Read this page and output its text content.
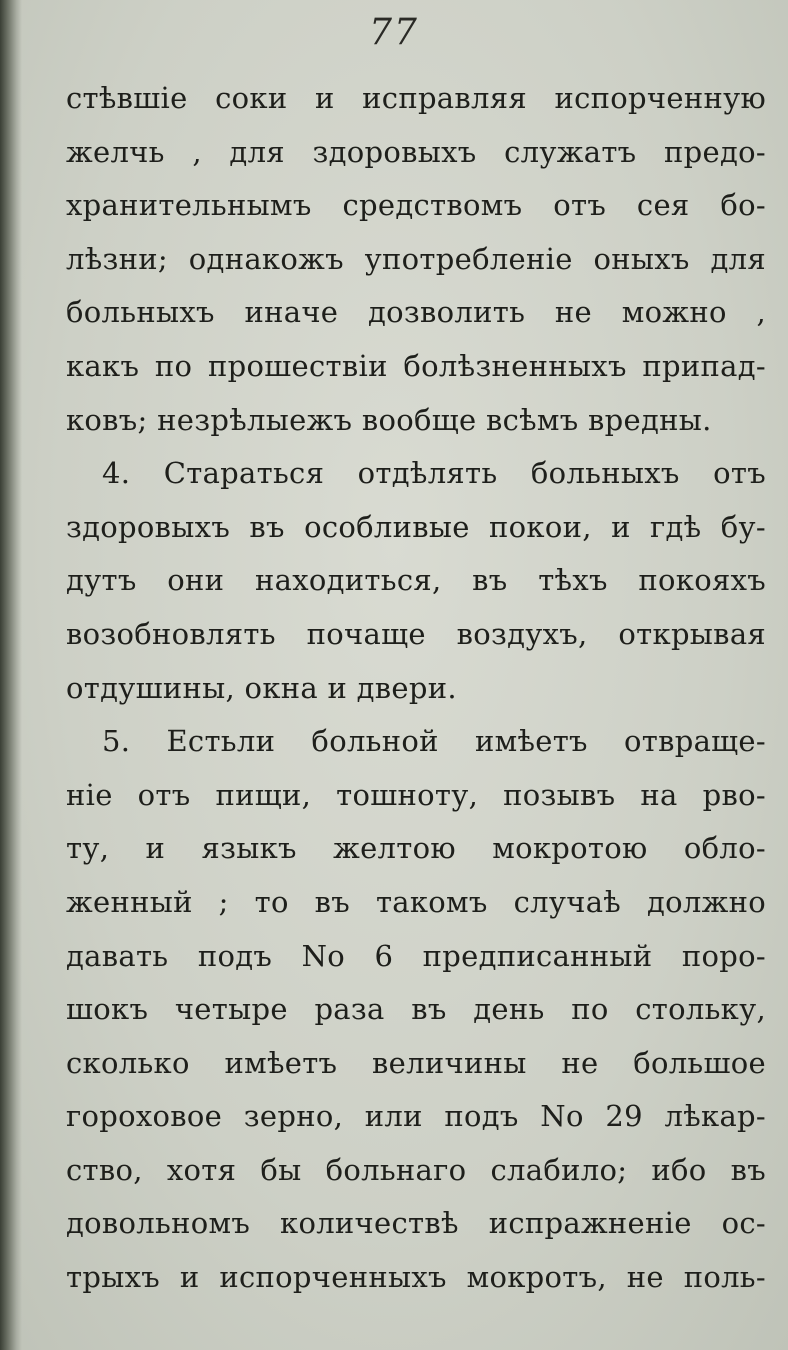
77
стѣвшіе соки и исправляя испорченную
желчь , для здоровыхъ служатъ предо-
хранительнымъ средствомъ отъ сея бо-
лѣзни; однакожъ употребленіе оныхъ для
больныхъ иначе дозволить не можно ,
какъ по прошествіи болѣзненныхъ припад-
ковъ; незрѣлыежъ вообще всѣмъ вредны.
4. Стараться отдѣлять больныхъ отъ
здоровыхъ въ особливые покои, и гдѣ бу-
дутъ они находиться, въ тѣхъ покояхъ
возобновлять почаще воздухъ, открывая
отдушины, окна и двери.
5. Естьли больной имѣетъ отвраще-
ніе отъ пищи, тошноту, позывъ на рво-
ту, и языкъ желтою мокротою обло-
женный ; то въ такомъ случаѣ должно
давать подъ No 6 предписанный поро-
шокъ четыре раза въ день по стольку,
сколько имѣетъ величины не большое
гороховое зерно, или подъ No 29 лѣкар-
ство, хотя бы больнаго слабило; ибо въ
довольномъ количествѣ испражненіе ос-
трыхъ и испорченныхъ мокротъ, не поль-
